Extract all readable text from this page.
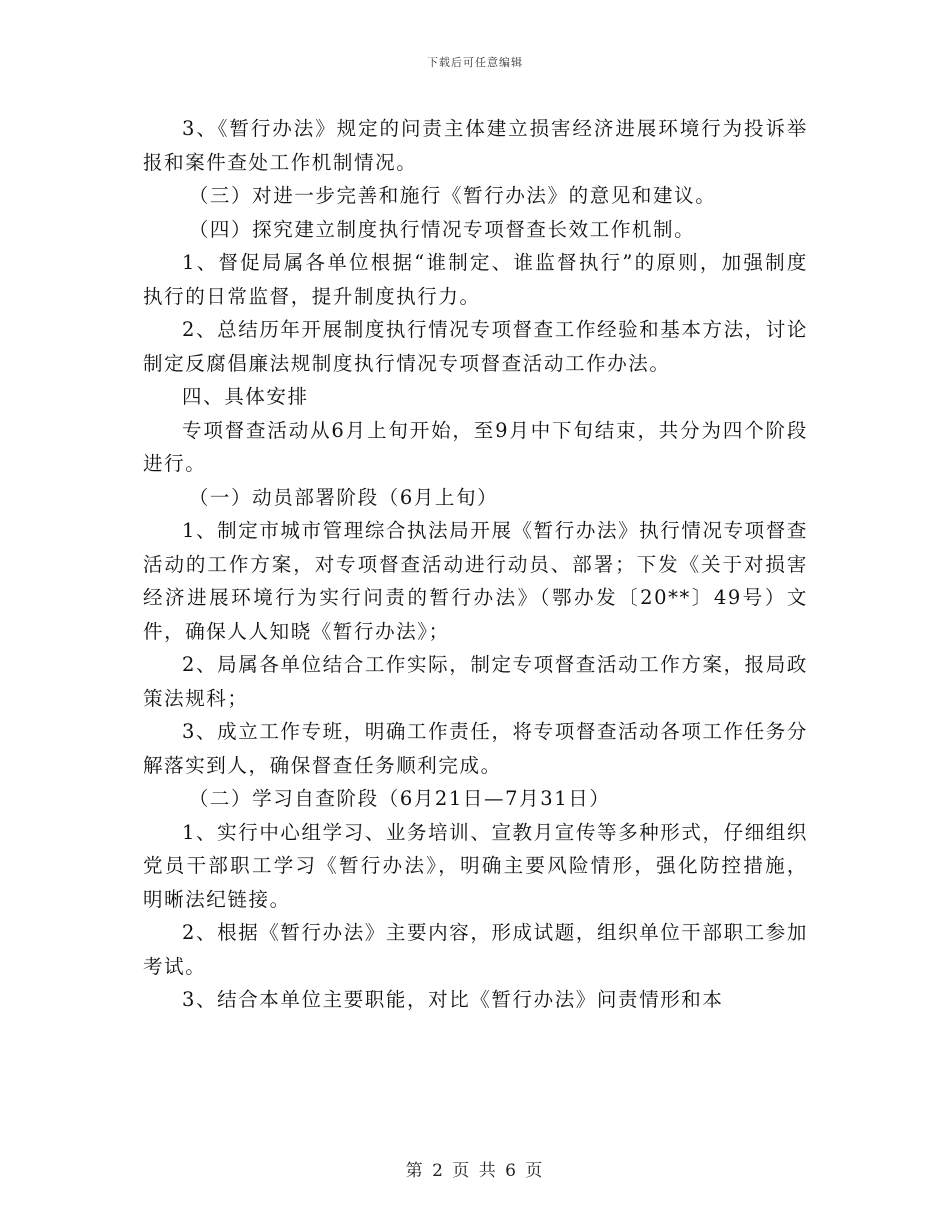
下载后可任意编辑

3、《暂行办法》规定的问责主体建立损害经济进展环境行为投诉举报和案件查处工作机制情况。

（三）对进一步完善和施行《暂行办法》的意见和建议。

（四）探究建立制度执行情况专项督查长效工作机制。

1、督促局属各单位根据“谁制定、谁监督执行”的原则，加强制度执行的日常监督，提升制度执行力。

2、总结历年开展制度执行情况专项督查工作经验和基本方法，讨论制定反腐倡廉法规制度执行情况专项督查活动工作办法。

四、具体安排

专项督查活动从6月上旬开始，至9月中下旬结束，共分为四个阶段进行。

（一）动员部署阶段（6月上旬）

1、制定市城市管理综合执法局开展《暂行办法》执行情况专项督查活动的工作方案，对专项督查活动进行动员、部署；下发《关于对损害经济进展环境行为实行问责的暂行办法》（鄂办发〔20**〕49号）文件，确保人人知晓《暂行办法》；

2、局属各单位结合工作实际，制定专项督查活动工作方案，报局政策法规科；

3、成立工作专班，明确工作责任，将专项督查活动各项工作任务分解落实到人，确保督查任务顺利完成。

（二）学习自查阶段（6月21日—7月31日）

1、实行中心组学习、业务培训、宣教月宣传等多种形式，仔细组织党员干部职工学习《暂行办法》，明确主要风险情形，强化防控措施，明晰法纪链接。

2、根据《暂行办法》主要内容，形成试题，组织单位干部职工参加考试。

3、结合本单位主要职能，对比《暂行办法》问责情形和本

第 2 页 共 6 页
